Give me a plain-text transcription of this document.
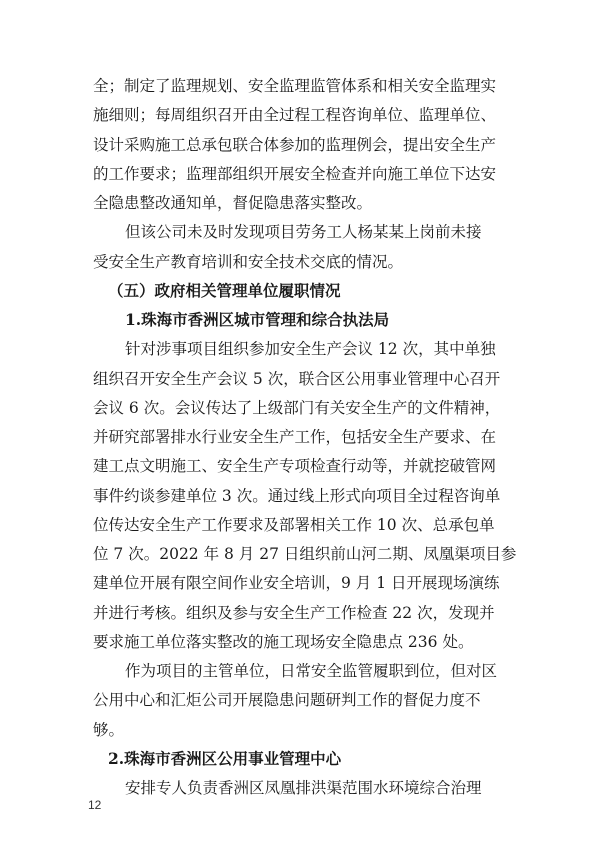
12
全；制定了监理规划、安全监理监管体系和相关安全监理实
施细则；每周组织召开由全过程工程咨询单位、监理单位、
设计采购施工总承包联合体参加的监理例会，提出安全生产
的工作要求；监理部组织开展安全检查并向施工单位下达安
全隐患整改通知单，督促隐患落实整改。
但该公司未及时发现项目劳务工人杨某某上岗前未接
受安全生产教育培训和安全技术交底的情况。
（五）政府相关管理单位履职情况
1.珠海市香洲区城市管理和综合执法局
针对涉事项目组织参加安全生产会议 12 次，其中单独
组织召开安全生产会议 5 次，联合区公用事业管理中心召开
会议 6 次。会议传达了上级部门有关安全生产的文件精神，
并研究部署排水行业安全生产工作，包括安全生产要求、在
建工点文明施工、安全生产专项检查行动等，并就挖破管网
事件约谈参建单位 3 次。通过线上形式向项目全过程咨询单
位传达安全生产工作要求及部署相关工作 10 次、总承包单
位 7 次。2022 年 8 月 27 日组织前山河二期、凤凰渠项目参
建单位开展有限空间作业安全培训，9 月 1 日开展现场演练
并进行考核。组织及参与安全生产工作检查 22 次，发现并
要求施工单位落实整改的施工现场安全隐患点 236 处。
作为项目的主管单位，日常安全监管履职到位，但对区
公用中心和汇炬公司开展隐患问题研判工作的督促力度不
够。
2.珠海市香洲区公用事业管理中心
安排专人负责香洲区凤凰排洪渠范围水环境综合治理
